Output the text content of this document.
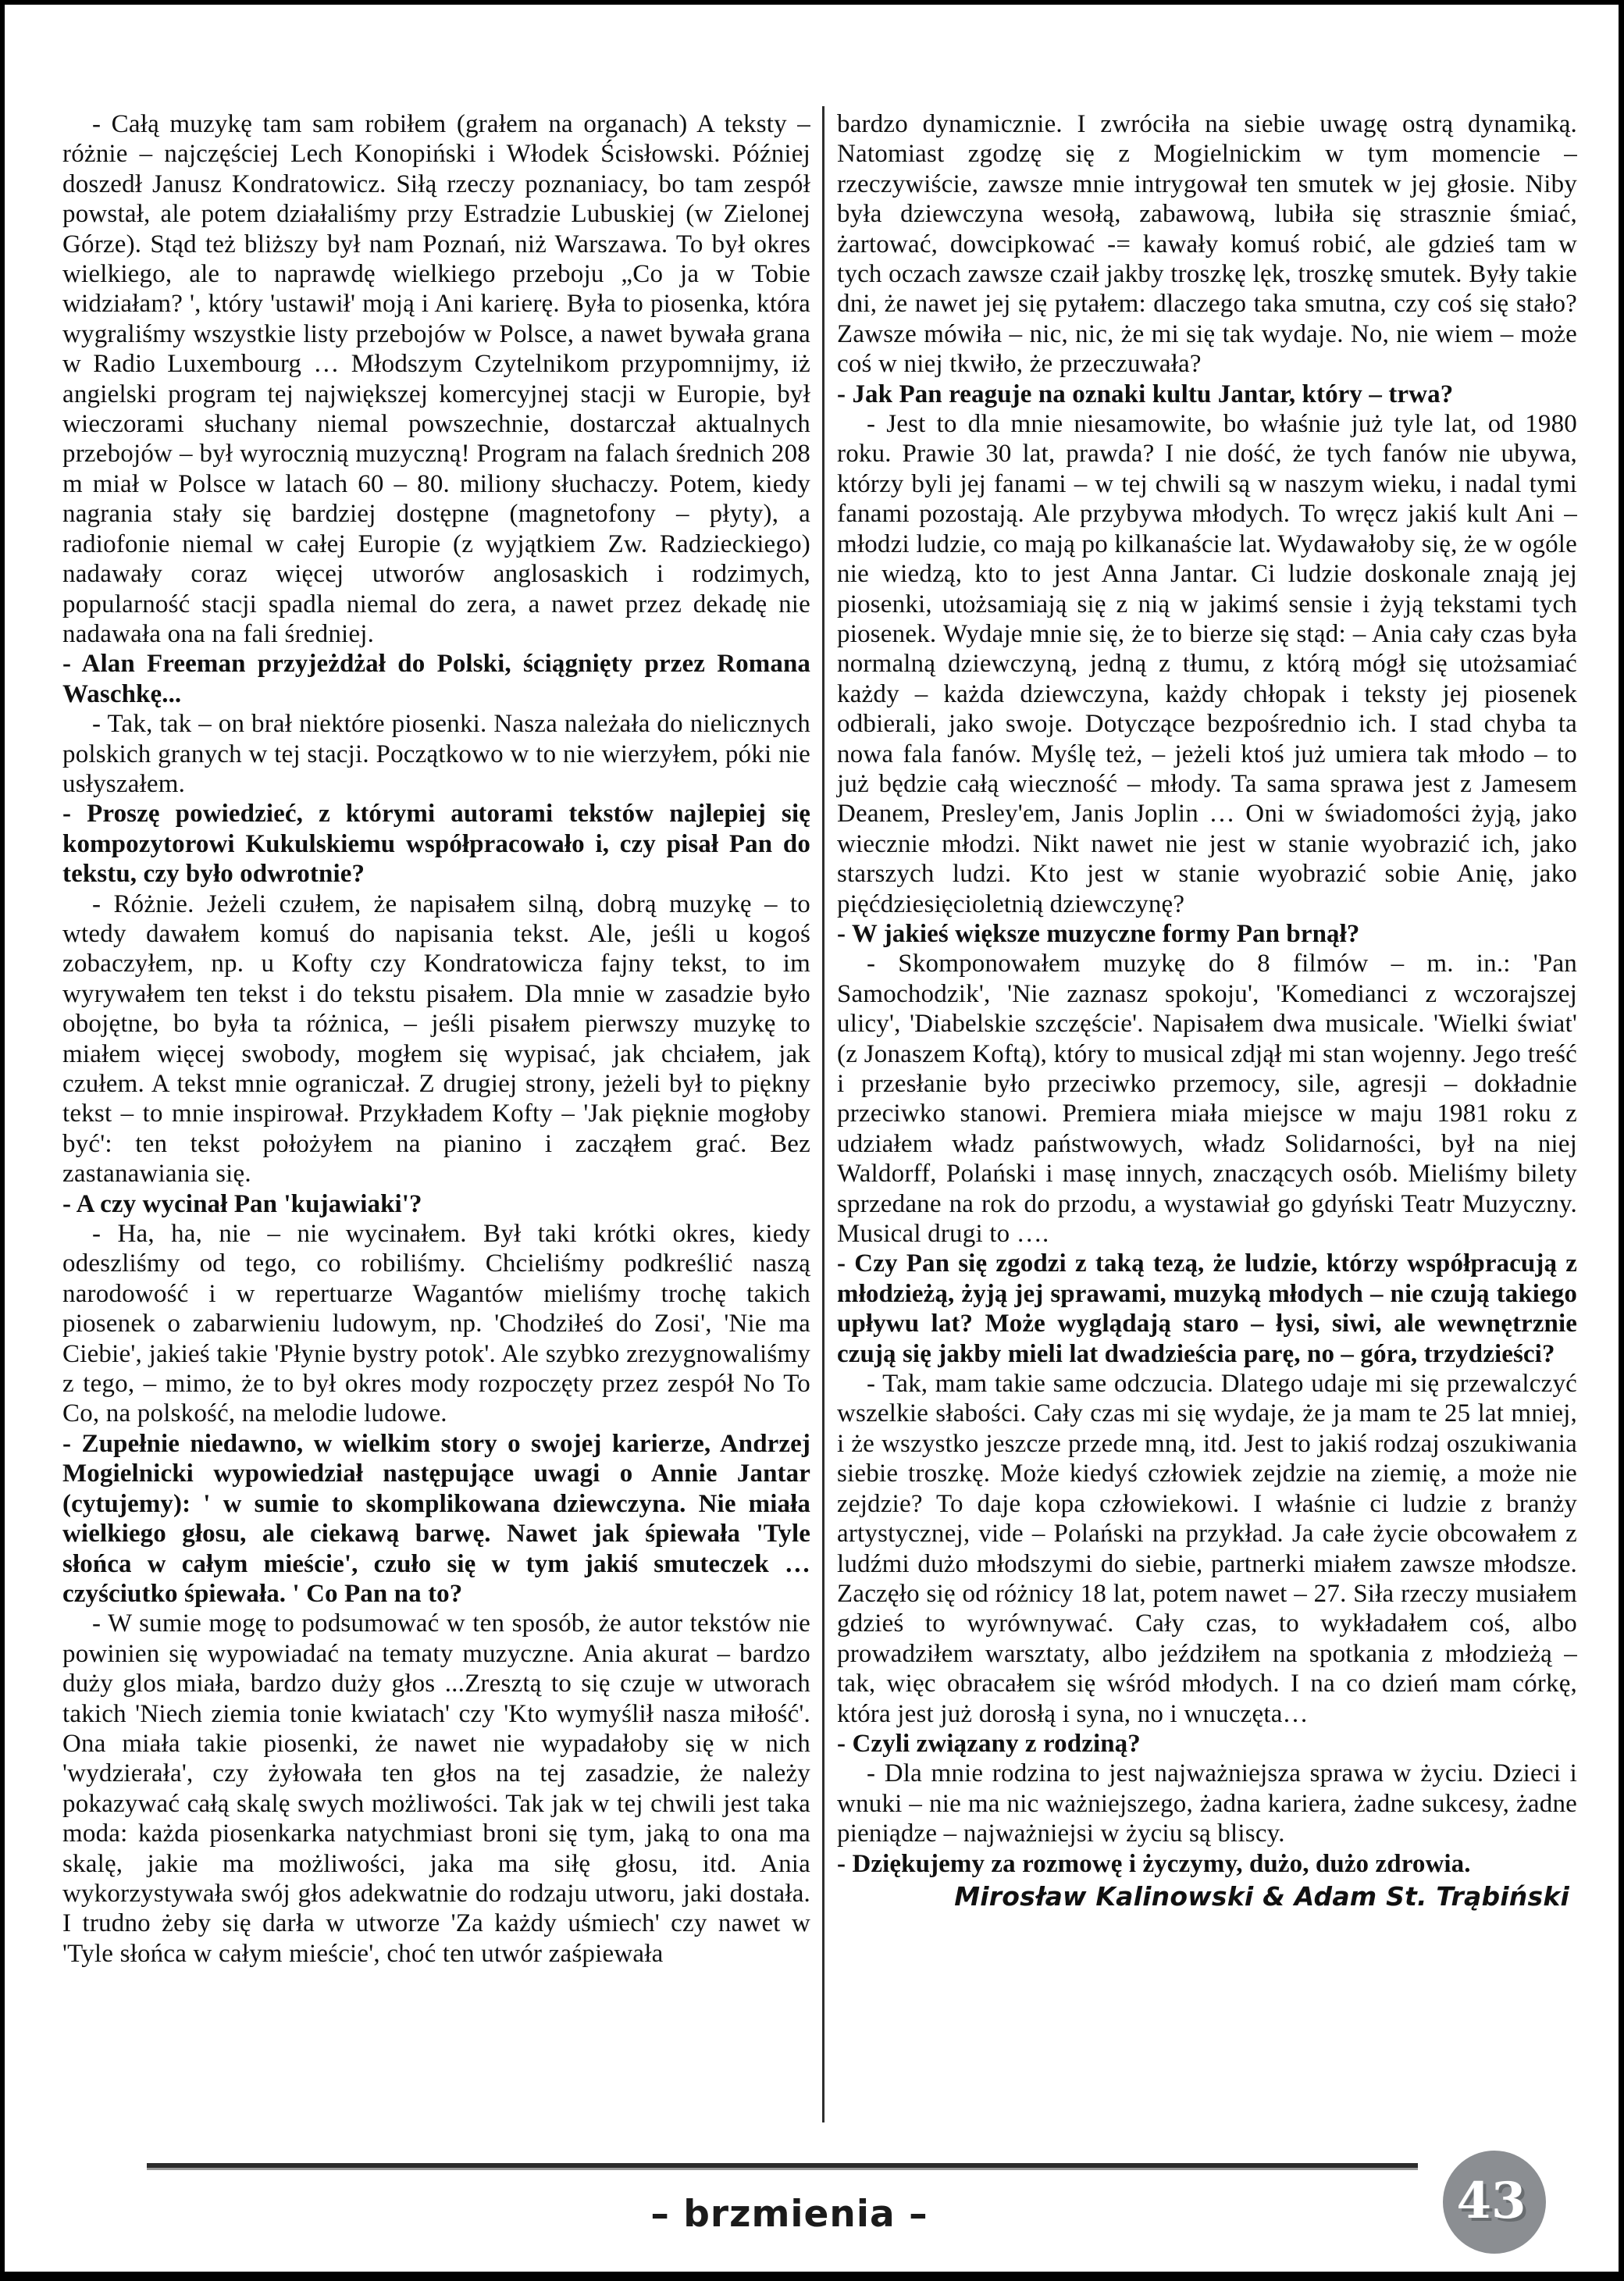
- Całą muzykę tam sam robiłem (grałem na organach) A teksty – różnie – najczęściej Lech Konopiński i Włodek Ścisłowski. Później doszedł Janusz Kondratowicz. Siłą rzeczy poznaniacy, bo tam zespół powstał, ale potem działaliśmy przy Estradzie Lubuskiej (w Zielonej Górze). Stąd też bliższy był nam Poznań, niż Warszawa. To był okres wielkiego, ale to naprawdę wielkiego przeboju „Co ja w Tobie widziałam? ', który 'ustawił' moją i Ani karierę. Była to piosenka, która wygraliśmy wszystkie listy przebojów w Polsce, a nawet bywała grana w Radio Luxembourg … Młodszym Czytelnikom przypomnijmy, iż angielski program tej największej komercyjnej stacji w Europie, był wieczorami słuchany niemal powszechnie, dostarczał aktualnych przebojów – był wyrocznią muzyczną! Program na falach średnich 208 m miał w Polsce w latach 60 – 80. miliony słuchaczy. Potem, kiedy nagrania stały się bardziej dostępne (magnetofony – płyty), a radiofonie niemal w całej Europie (z wyjątkiem Zw. Radzieckiego) nadawały coraz więcej utworów anglosaskich i rodzimych, popularność stacji spadla niemal do zera, a nawet przez dekadę nie nadawała ona na fali średniej.

- Alan Freeman przyjeżdżał do Polski, ściągnięty przez Romana Waschkę...

- Tak, tak – on brał niektóre piosenki. Nasza należała do nielicznych polskich granych w tej stacji. Początkowo w to nie wierzyłem, póki nie usłyszałem.

- Proszę powiedzieć, z którymi autorami tekstów najlepiej się kompozytorowi Kukulskiemu współpracowało i, czy pisał Pan do tekstu, czy było odwrotnie?

- Różnie. Jeżeli czułem, że napisałem silną, dobrą muzykę – to wtedy dawałem komuś do napisania tekst. Ale, jeśli u kogoś zobaczyłem, np. u Kofty czy Kondratowicza fajny tekst, to im wyrywałem ten tekst i do tekstu pisałem. Dla mnie w zasadzie było obojętne, bo była ta różnica, – jeśli pisałem pierwszy muzykę to miałem więcej swobody, mogłem się wypisać, jak chciałem, jak czułem. A tekst mnie ograniczał. Z drugiej strony, jeżeli był to piękny tekst – to mnie inspirował. Przykładem Kofty – 'Jak pięknie mogłoby być': ten tekst położyłem na pianino i zacząłem grać. Bez zastanawiania się.

- A czy wycinał Pan 'kujawiaki'?

- Ha, ha, nie – nie wycinałem. Był taki krótki okres, kiedy odeszliśmy od tego, co robiliśmy. Chcieliśmy podkreślić naszą narodowość i w repertuarze Wagantów mieliśmy trochę takich piosenek o zabarwieniu ludowym, np. 'Chodziłeś do Zosi', 'Nie ma Ciebie', jakieś takie 'Płynie bystry potok'. Ale szybko zrezygnowaliśmy z tego, – mimo, że to był okres mody rozpoczęty przez zespół No To Co, na polskość, na melodie ludowe.

- Zupełnie niedawno, w wielkim story o swojej karierze, Andrzej Mogielnicki wypowiedział następujące uwagi o Annie Jantar (cytujemy): ' w sumie to skomplikowana dziewczyna. Nie miała wielkiego głosu, ale ciekawą barwę. Nawet jak śpiewała 'Tyle słońca w całym mieście', czuło się w tym jakiś smuteczek … czyściutko śpiewała. ' Co Pan na to?

- W sumie mogę to podsumować w ten sposób, że autor tekstów nie powinien się wypowiadać na tematy muzyczne. Ania akurat – bardzo duży glos miała, bardzo duży głos ...Zresztą to się czuje w utworach takich 'Niech ziemia tonie kwiatach' czy 'Kto wymyślił nasza miłość'. Ona miała takie piosenki, że nawet nie wypadałoby się w nich 'wydzierała', czy żyłowała ten głos na tej zasadzie, że należy pokazywać całą skalę swych możliwości. Tak jak w tej chwili jest taka moda: każda piosenkarka natychmiast broni się tym, jaką to ona ma skalę, jakie ma możliwości, jaka ma siłę głosu, itd. Ania wykorzystywała swój głos adekwatnie do rodzaju utworu, jaki dostała. I trudno żeby się darła w utworze 'Za każdy uśmiech' czy nawet w 'Tyle słońca w całym mieście', choć ten utwór zaśpiewała

bardzo dynamicznie. I zwróciła na siebie uwagę ostrą dynamiką. Natomiast zgodzę się z Mogielnickim w tym momencie – rzeczywiście, zawsze mnie intrygował ten smutek w jej głosie. Niby była dziewczyna wesołą, zabawową, lubiła się strasznie śmiać, żartować, dowcipkować -= kawały komuś robić, ale gdzieś tam w tych oczach zawsze czaił jakby troszkę lęk, troszkę smutek. Były takie dni, że nawet jej się pytałem: dlaczego taka smutna, czy coś się stało? Zawsze mówiła – nic, nic, że mi się tak wydaje. No, nie wiem – może coś w niej tkwiło, że przeczuwała?

- Jak Pan reaguje na oznaki kultu Jantar, który – trwa?

- Jest to dla mnie niesamowite, bo właśnie już tyle lat, od 1980 roku. Prawie 30 lat, prawda? I nie dość, że tych fanów nie ubywa, którzy byli jej fanami – w tej chwili są w naszym wieku, i nadal tymi fanami pozostają. Ale przybywa młodych. To wręcz jakiś kult Ani – młodzi ludzie, co mają po kilkanaście lat. Wydawałoby się, że w ogóle nie wiedzą, kto to jest Anna Jantar. Ci ludzie doskonale znają jej piosenki, utożsamiają się z nią w jakimś sensie i żyją tekstami tych piosenek. Wydaje mnie się, że to bierze się stąd: – Ania cały czas była normalną dziewczyną, jedną z tłumu, z którą mógł się utożsamiać każdy – każda dziewczyna, każdy chłopak i teksty jej piosenek odbierali, jako swoje. Dotyczące bezpośrednio ich. I stad chyba ta nowa fala fanów. Myślę też, – jeżeli ktoś już umiera tak młodo – to już będzie całą wieczność – młody. Ta sama sprawa jest z Jamesem Deanem, Presley'em, Janis Joplin … Oni w świadomości żyją, jako wiecznie młodzi. Nikt nawet nie jest w stanie wyobrazić ich, jako starszych ludzi. Kto jest w stanie wyobrazić sobie Anię, jako pięćdziesięcioletnią dziewczynę?

- W jakieś większe muzyczne formy Pan brnął?

- Skomponowałem muzykę do 8 filmów – m. in.: 'Pan Samochodzik', 'Nie zaznasz spokoju', 'Komedianci z wczorajszej ulicy', 'Diabelskie szczęście'. Napisałem dwa musicale. 'Wielki świat' (z Jonaszem Koftą), który to musical zdjął mi stan wojenny. Jego treść i przesłanie było przeciwko przemocy, sile, agresji – dokładnie przeciwko stanowi. Premiera miała miejsce w maju 1981 roku z udziałem władz państwowych, władz Solidarności, był na niej Waldorff, Polański i masę innych, znaczących osób. Mieliśmy bilety sprzedane na rok do przodu, a wystawiał go gdyński Teatr Muzyczny. Musical drugi to ….

- Czy Pan się zgodzi z taką tezą, że ludzie, którzy współpracują z młodzieżą, żyją jej sprawami, muzyką młodych – nie czują takiego upływu lat? Może wyglądają staro – łysi, siwi, ale wewnętrznie czują się jakby mieli lat dwadzieścia parę, no – góra, trzydzieści?

- Tak, mam takie same odczucia. Dlatego udaje mi się przewalczyć wszelkie słabości. Cały czas mi się wydaje, że ja mam te 25 lat mniej, i że wszystko jeszcze przede mną, itd. Jest to jakiś rodzaj oszukiwania siebie troszkę. Może kiedyś człowiek zejdzie na ziemię, a może nie zejdzie? To daje kopa człowiekowi. I właśnie ci ludzie z branży artystycznej, vide – Polański na przykład. Ja całe życie obcowałem z ludźmi dużo młodszymi do siebie, partnerki miałem zawsze młodsze. Zaczęło się od różnicy 18 lat, potem nawet – 27. Siła rzeczy musiałem gdzieś to wyrównywać. Cały czas, to wykładałem coś, albo prowadziłem warsztaty, albo jeździłem na spotkania z młodzieżą – tak, więc obracałem się wśród młodych. I na co dzień mam córkę, która jest już dorosłą i syna, no i wnuczęta…

- Czyli związany z rodziną?

- Dla mnie rodzina to jest najważniejsza sprawa w życiu. Dzieci i wnuki – nie ma nic ważniejszego, żadna kariera, żadne sukcesy, żadne pieniądze – najważniejsi w życiu są bliscy.

- Dziękujemy za rozmowę i życzymy, dużo, dużo zdrowia.

Mirosław Kalinowski & Adam St. Trąbiński

– brzmienia –	43
